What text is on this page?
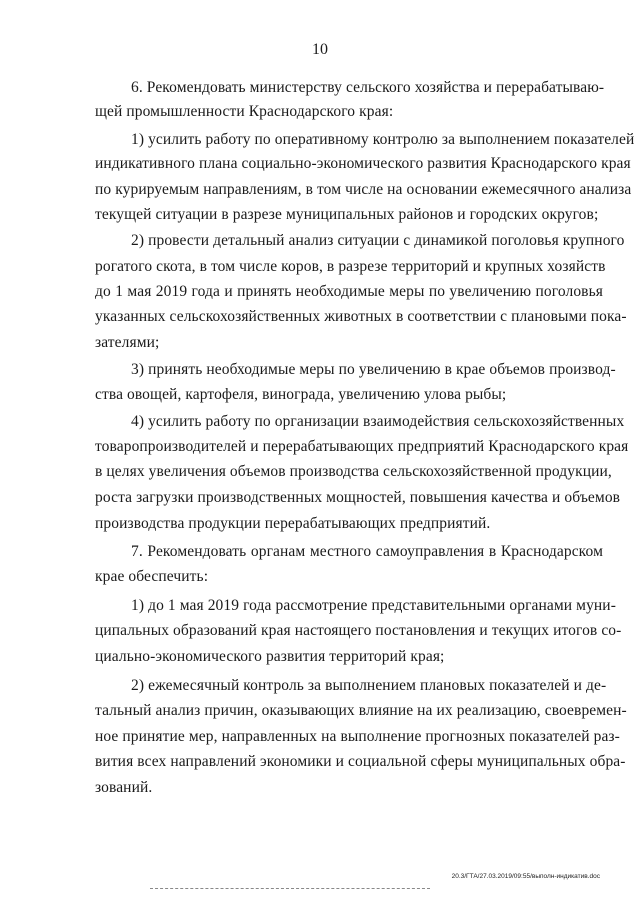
10
6. Рекомендовать министерству сельского хозяйства и перерабатываю-
щей промышленности Краснодарского края:
1) усилить работу по оперативному контролю за выполнением показателей
индикативного плана социально-экономического развития Краснодарского края
по курируемым направлениям, в том числе на основании ежемесячного анализа
текущей ситуации в разрезе муниципальных районов и городских округов;
2) провести детальный анализ ситуации с динамикой поголовья крупного
рогатого скота, в том числе коров, в разрезе территорий и крупных хозяйств
до 1 мая 2019 года и принять необходимые меры по увеличению поголовья
указанных сельскохозяйственных животных в соответствии с плановыми пока-
зателями;
3) принять необходимые меры по увеличению в крае объемов производ-
ства овощей, картофеля, винограда, увеличению улова рыбы;
4) усилить работу по организации взаимодействия сельскохозяйственных
товаропроизводителей и перерабатывающих предприятий Краснодарского края
в целях увеличения объемов производства сельскохозяйственной продукции,
роста загрузки производственных мощностей, повышения качества и объемов
производства продукции перерабатывающих предприятий.
7. Рекомендовать органам местного самоуправления в Краснодарском
крае обеспечить:
1) до 1 мая 2019 года рассмотрение представительными органами муни-
ципальных образований края настоящего постановления и текущих итогов со-
циально-экономического развития территорий края;
2) ежемесячный контроль за выполнением плановых показателей и де-
тальный анализ причин, оказывающих влияние на их реализацию, своевремен-
ное принятие мер, направленных на выполнение прогнозных показателей раз-
вития всех направлений экономики и социальной сферы муниципальных обра-
зований.
20.3/ГТА/27.03.2019/09:55/выполн-индикатив.doc
